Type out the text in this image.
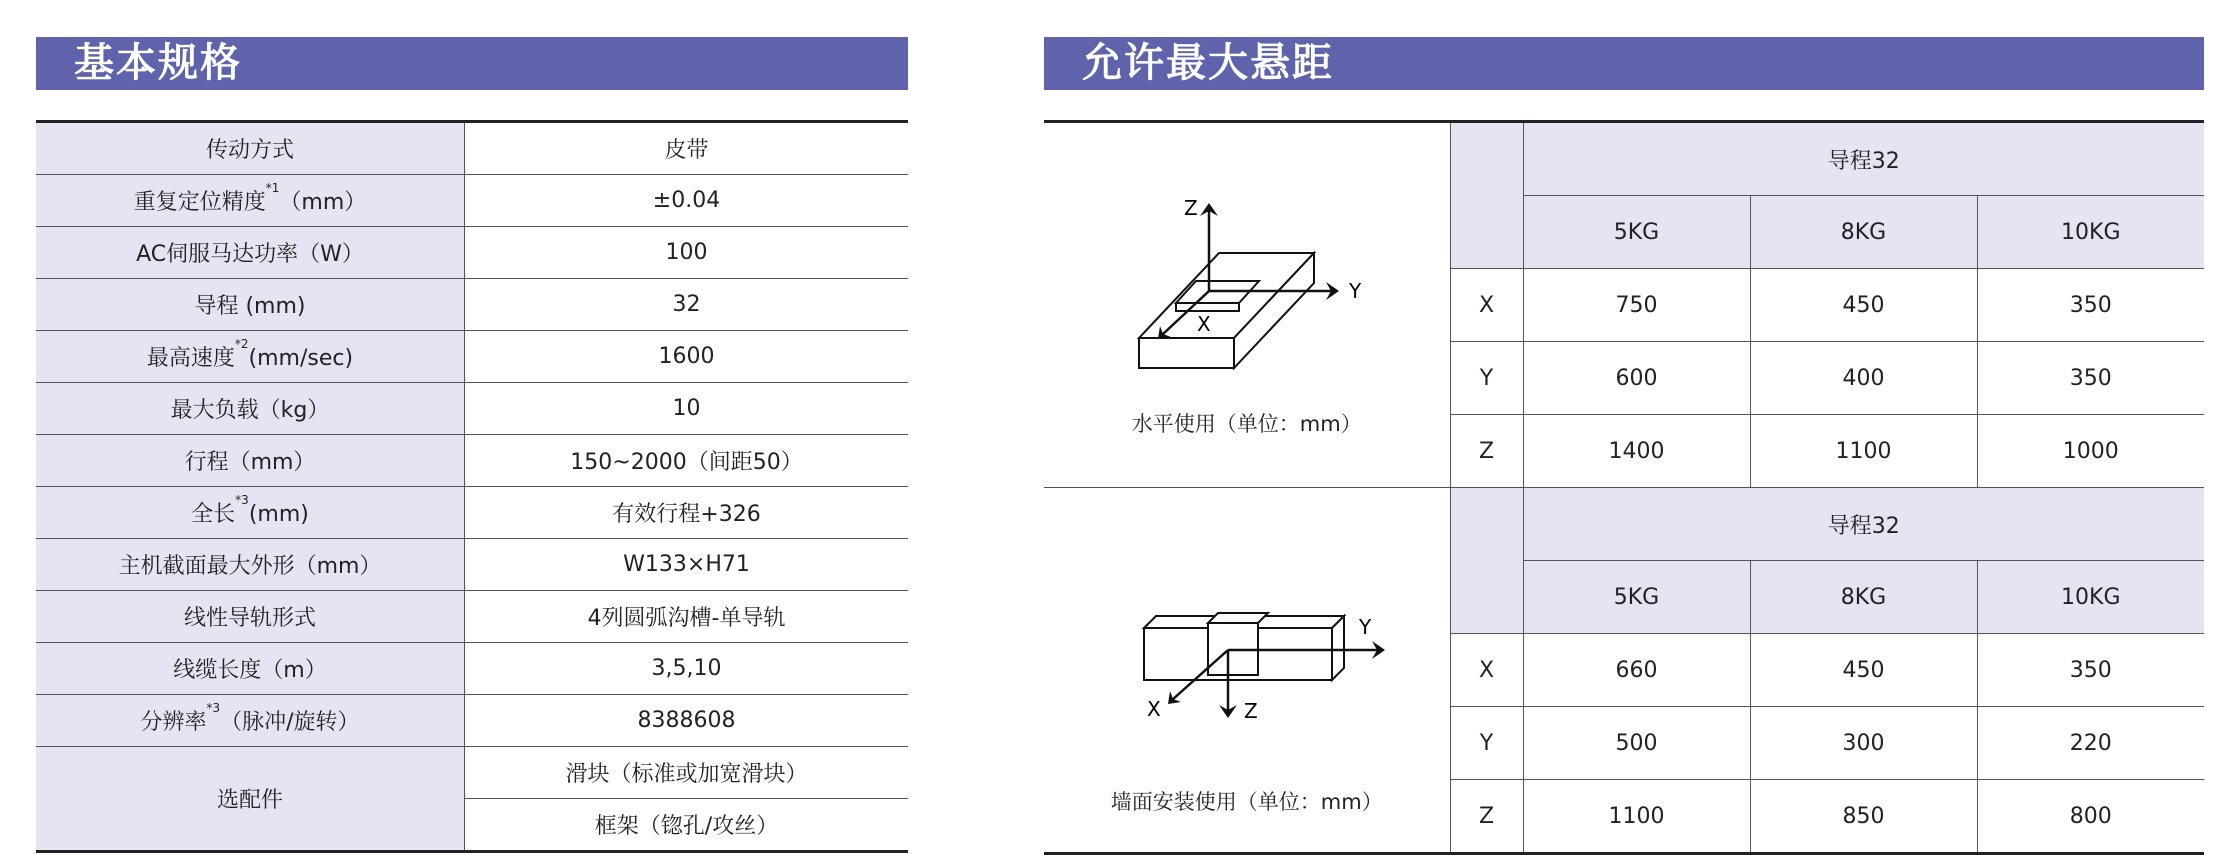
基本规格
传动方式	皮带
重复定位精度$^{*1}$（mm）	±0.04
AC伺服马达功率（W）	100
导程 (mm)	32
最高速度$^{*2}$(mm/sec)	1600
最大负载（kg）	10
行程（mm）	150~2000（间距50）
全长$^{*3}$(mm)	有效行程+326
主机截面最大外形（mm）	W133×H71
线性导轨形式	4列圆弧沟槽-单导轨
线缆长度（m）	3,5,10
分辨率$^{*3}$（脉冲/旋转）	8388608
选配件	滑块（标准或加宽滑块）
	框架（锪孔/攻丝）
允许最大悬距
Z
Y
X
水平使用（单位：mm）		导程32		
		5KG	8KG	10KG
	X	750	450	350
	Y	600	400	350
	Z	1400	1100	1000

Y
Z
X
墙面安装使用（单位：mm）		导程32		
		5KG	8KG	10KG
	X	660	450	350
	Y	500	300	220
	Z	1100	850	800
